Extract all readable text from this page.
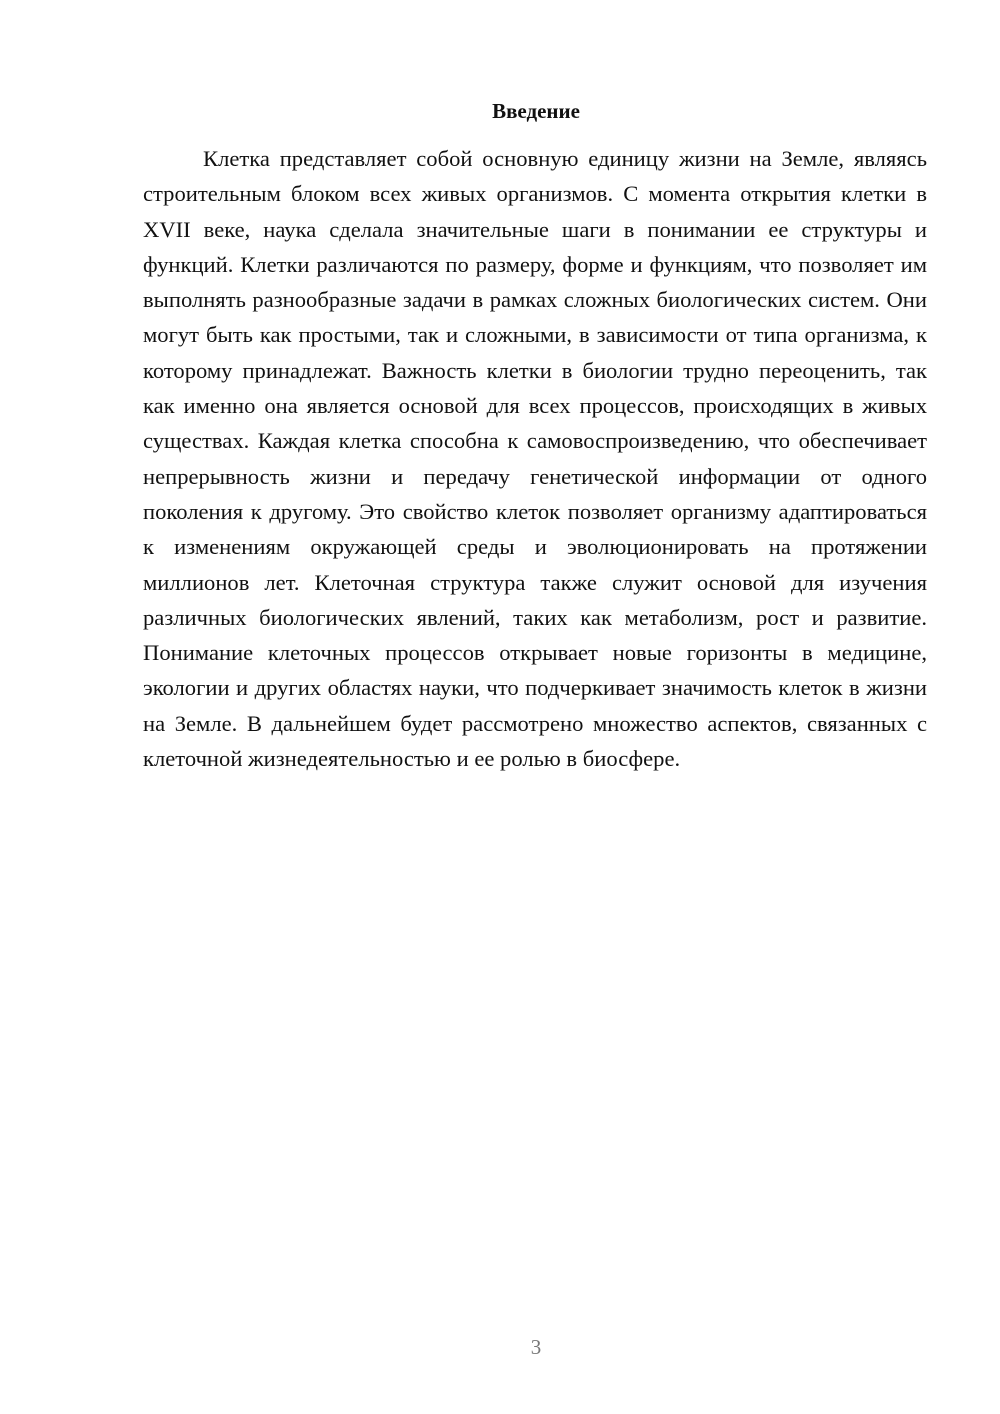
Введение

Клетка представляет собой основную единицу жизни на Земле, являясь строительным блоком всех живых организмов. С момента открытия клетки в XVII веке, наука сделала значительные шаги в понимании ее структуры и функций. Клетки различаются по размеру, форме и функциям, что позволяет им выполнять разнообразные задачи в рамках сложных биологических систем. Они могут быть как простыми, так и сложными, в зависимости от типа организма, к которому принадлежат. Важность клетки в биологии трудно переоценить, так как именно она является основой для всех процессов, происходящих в живых существах. Каждая клетка способна к самовоспроизведению, что обеспечивает непрерывность жизни и передачу генетической информации от одного поколения к другому. Это свойство клеток позволяет организму адаптироваться к изменениям окружающей среды и эволюционировать на протяжении миллионов лет. Клеточная структура также служит основой для изучения различных биологических явлений, таких как метаболизм, рост и развитие. Понимание клеточных процессов открывает новые горизонты в медицине, экологии и других областях науки, что подчеркивает значимость клеток в жизни на Земле. В дальнейшем будет рассмотрено множество аспектов, связанных с клеточной жизнедеятельностью и ее ролью в биосфере.

3
